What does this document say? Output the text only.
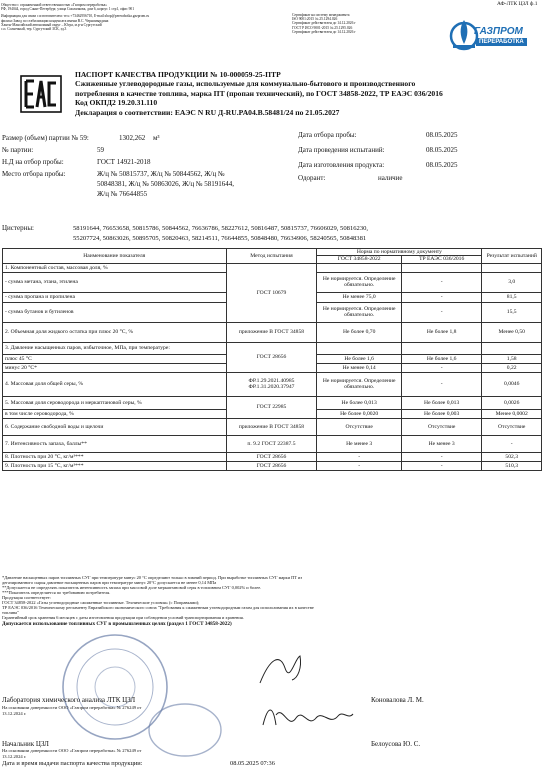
АФ-ЛТК ЦЗЛ ф.1
Общество с ограниченной ответственностью «Газпром переработка»
РФ, 194044, город Санкт-Петербург, улица Смолячкова, дом 6, корпус 1 стр1, офис 901
Информация для связи с изготовителем: тел.:+73462956710, E-mail:sbop@pererabotka.gazprom.ru
филиал Завод по стабилизации конденсата имени В.С. Черномырдина
Ханты-Мансийский автономный округ – Югра, м.р-н Сургутский
с.п. Солнечный, тер. Сургутский ЗСК, зд.3
Сертификат на систему менеджмента
ISO 9001:2015 № 25.1294.026
Сертификат действителен до 14.12.2026 г
ГОСТ Р ИСО 9001-2015 № 25.1295.026
Сертификат действителен до 14.12.2026 г	ГАЗПРОМ
ПЕРЕРАБОТКА
ПАСПОРТ КАЧЕСТВА ПРОДУКЦИИ № 10-000059-25-ПТР
Сжиженные углеводородные газы, используемые для коммунально-бытового и производственного
потребления в качестве топлива, марка ПТ (пропан технический), по ГОСТ 34858-2022, ТР ЕАЭС 036/2016
Код ОКПД2 19.20.31.110
Декларация о соответствии: ЕАЭС N RU Д-RU.PA04.B.58481/24 по 21.05.2027
Размер (объем) партии № 59:	1302,262 м³
№ партии:	59
Н.Д на отбор пробы:	ГОСТ 14921-2018
Место отбора пробы:	Ж/ц № 50815737, Ж/ц № 50844562, Ж/ц №
50848381, Ж/ц № 50863026, Ж/ц № 58191644,
Ж/ц № 76644855
Дата отбора пробы:	08.05.2025
Дата проведения испытаний:	08.05.2025
Дата изготовления продукта:	08.05.2025
Одорант:	наличие
Цистерны:	58191644, 76653658, 50815786, 50844562, 76636786, 58227612, 50816487, 50815737, 76606029, 50816230,
55207724, 50863026, 50895705, 50820463, 58214511, 76644855, 50848480, 76634906, 58240565, 50848381
Наименование показателя	Метод испытания	Норма по нормативному документу		Результат испытаний
		ГОСТ 34858-2022	ТР ЕАЭС 036/2016	
1. Компонентный состав, массовая доля, %	ГОСТ 10679			
- сумма метана, этана, этилена		Не нормируется. Определение обязательно.	-	3,0
- сумма пропана и пропилена		Не менее 75,0	-	81,5
- сумма бутанов и бутиленов		Не нормируется. Определение обязательно.	-	15,5
2. Объемная доля жидкого остатка при плюс 20 °С, %	приложение В ГОСТ 34858	Не более 0,70	Не более 1,8	Менее 0,50
3. Давление насыщенных паров, избыточное, МПа, при температуре:	ГОСТ 28656			
плюс 45 °С		Не более 1,6	Не более 1,6	1,58
минус 20 °С*		Не менее 0,14	-	0,22
4. Массовая доля общей серы, %	ФР.1.29.2021.40985 ФР.1.31.2020.37947	Не нормируется. Определение обязательно.	-	0,0046
5. Массовая доля сероводорода и меркаптановой серы, %	ГОСТ 22985	Не более 0,013	Не более 0,013	0,0026
в том числе сероводорода, %		Не более 0,0020	Не более 0,003	Менее 0,0002
6. Содержание свободной воды и щелочи	приложение В ГОСТ 34858	Отсутствие	Отсутствие	Отсутствие
7. Интенсивность запаха, баллы**	п. 9.2 ГОСТ 22387.5	Не менее 3	Не менее 3	-
8. Плотность при 20 °С, кг/м³***	ГОСТ 28656	-	-	502,3
9. Плотность при 15 °С, кг/м³***	ГОСТ 28656	-	-	510,3
*Давление насыщенных паров топливных СУГ при температуре минус 20 °С определяют только в зимний период. При выработке топливных СУГ марки ПТ из
дегазированного сырья давление насыщенных паров при температуре минус 20°С допускается не менее 0,14 МПа
**Допускается не определять показатель интенсивность запаха при массовой доле меркаптановой серы в топливном СУГ 0,002% и более.
***Показатель определяется по требованию потребителя.
Продукция соответствует:
ГОСТ 34858-2022 «Газы углеводородные сжиженные топливные. Технические условия» (с Поправками);
ТР ЕАЭС 036/2016 Техническому регламенту Евразийского экономического союза "Требования к сжиженным углеводородным газам для использования их в качестве
топлива"
Гарантийный срок хранения 6 месяцев с даты изготовления продукции при соблюдении условий транспортирования и хранения.
Допускается использование топливных СУГ в промышленных целях (раздел 1 ГОСТ 34858-2022)
Лаборатория химического анализа ЛТК ЦЗЛ
На основании доверенности ООО «Газпром переработка» № 276249 от
13.12.2024 г.
Коновалова Л. М.
Начальник ЦЗЛ
На основании доверенности ООО «Газпром переработка» № 276249 от
13.12.2024 г.
Белоусова Ю. С.
Дата и время выдачи паспорта качества продукции:	08.05.2025 07:36
